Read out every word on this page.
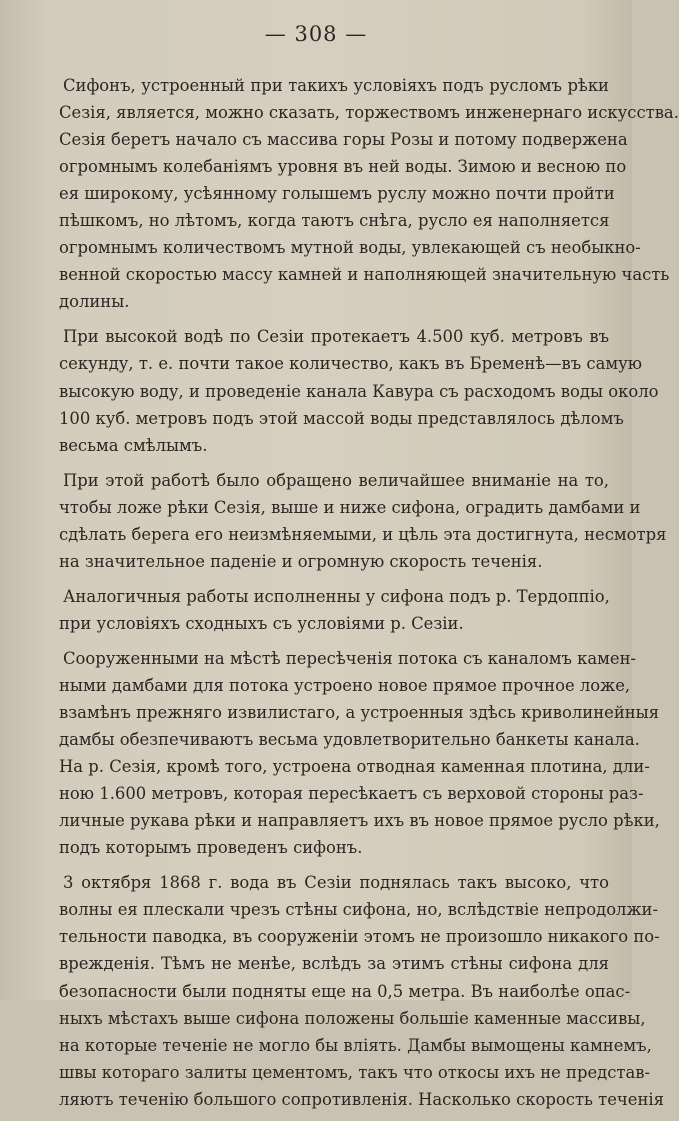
— 308 —
Сифонъ, устроенный при такихъ условіяхъ подъ русломъ рѣки
Сезія, является, можно сказать, торжествомъ инженернаго искусства.
Сезія беретъ начало съ массива горы Розы и потому подвержена
огромнымъ колебаніямъ уровня въ ней воды. Зимою и весною по
ея широкому, усѣянному голышемъ руслу можно почти пройти
пѣшкомъ, но лѣтомъ, когда таютъ снѣга, русло ея наполняется
огромнымъ количествомъ мутной воды, увлекающей съ необыкно-
венной скоростью массу камней и наполняющей значительную часть
долины.
При высокой водѣ по Сезіи протекаетъ 4.500 куб. метровъ въ
секунду, т. е. почти такое количество, какъ въ Бременѣ—въ самую
высокую воду, и проведеніе канала Кавура съ расходомъ воды около
100 куб. метровъ подъ этой массой воды представлялось дѣломъ
весьма смѣлымъ.
При этой работѣ было обращено величайшее вниманіе на то,
чтобы ложе рѣки Сезія, выше и ниже сифона, оградить дамбами и
сдѣлать берега его неизмѣняемыми, и цѣль эта достигнута, несмотря
на значительное паденіе и огромную скорость теченія.
Аналогичныя работы исполненны у сифона подъ р. Тердоппіо,
при условіяхъ сходныхъ съ условіями р. Сезіи.
Сооруженными на мѣстѣ пересѣченія потока съ каналомъ камен-
ными дамбами для потока устроено новое прямое прочное ложе,
взамѣнъ прежняго извилистаго, а устроенныя здѣсь криволинейныя
дамбы обезпечиваютъ весьма удовлетворительно банкеты канала.
На р. Сезія, кромѣ того, устроена отводная каменная плотина, дли-
ною 1.600 метровъ, которая пересѣкаетъ съ верховой стороны раз-
личные рукава рѣки и направляетъ ихъ въ новое прямое русло рѣки,
подъ которымъ проведенъ сифонъ.
3 октября 1868 г. вода въ Сезіи поднялась такъ высоко, что
волны ея плескали чрезъ стѣны сифона, но, вслѣдствіе непродолжи-
тельности паводка, въ сооруженіи этомъ не произошло никакого по-
врежденія. Тѣмъ не менѣе, вслѣдъ за этимъ стѣны сифона для
безопасности были подняты еще на 0,5 метра. Въ наиболѣе опас-
ныхъ мѣстахъ выше сифона положены большіе каменные массивы,
на которые теченіе не могло бы вліять. Дамбы вымощены камнемъ,
швы котораго залиты цементомъ, такъ что откосы ихъ не представ-
ляютъ теченію большого сопротивленія. Насколько скорость теченія
